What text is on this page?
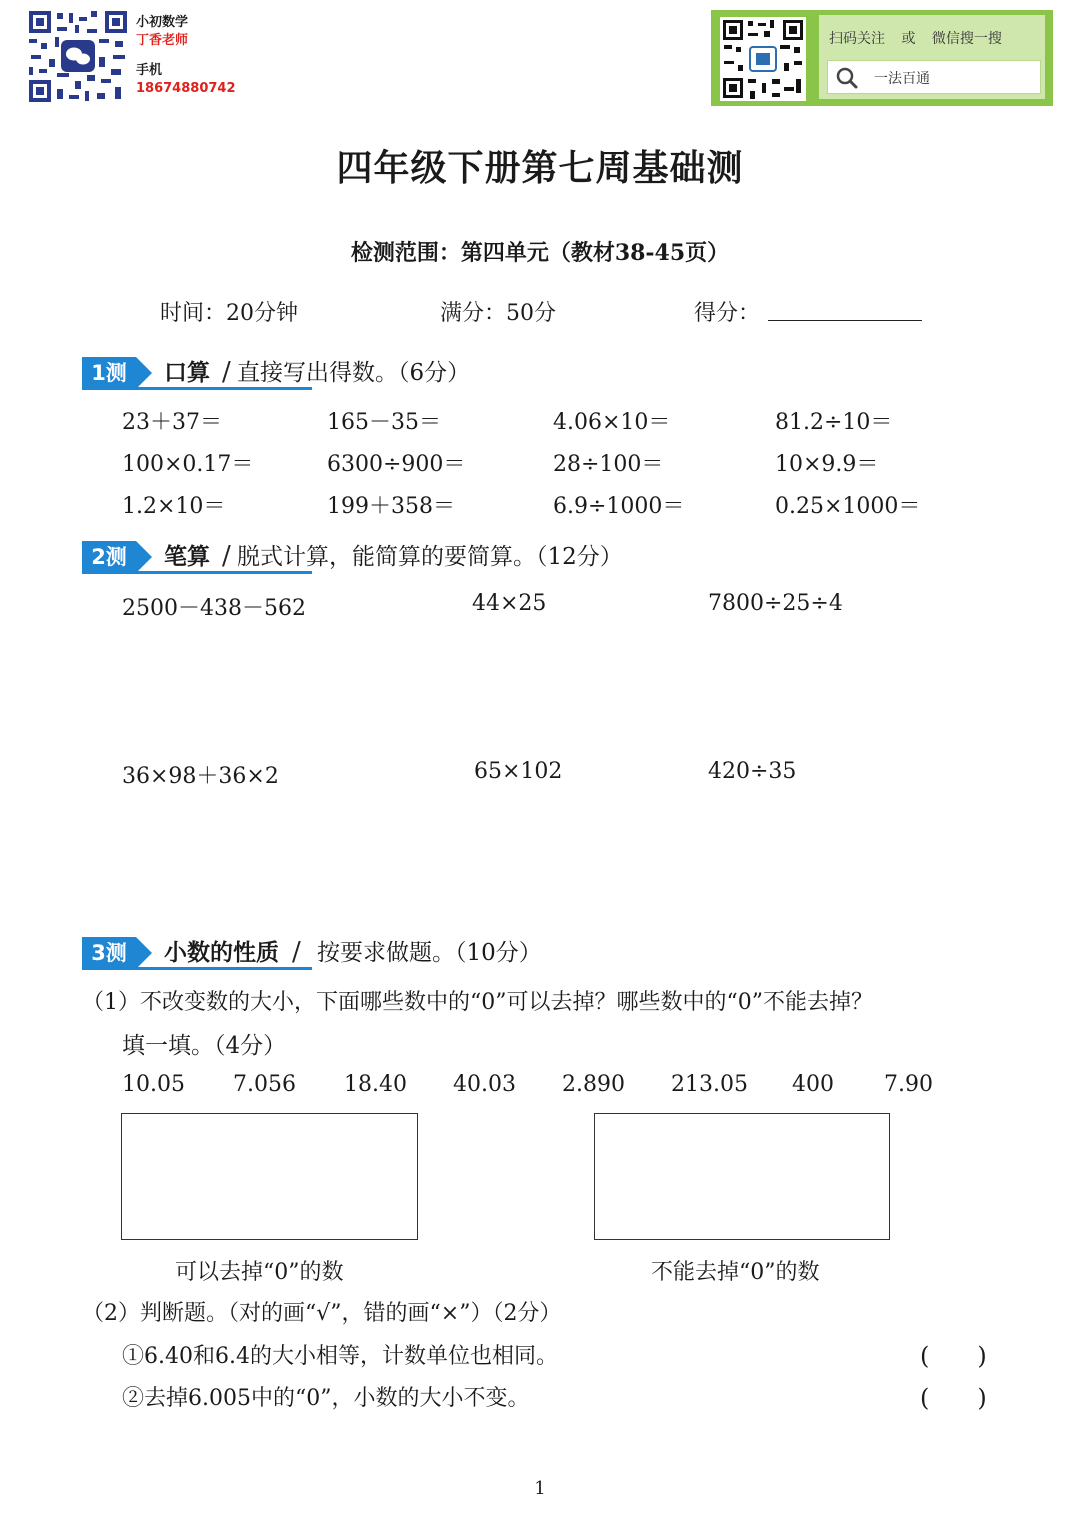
小初数学
丁香老师
手机
18674880742
扫码关注 或 微信搜一搜
一法百通
四年级下册第七周基础测
检测范围：第四单元（教材38-45页）
时间：20分钟	满分：50分	得分：
1测	口算 / 直接写出得数。（6分）
23＋37＝	165－35＝	4.06×10＝	81.2÷10＝
100×0.17＝	6300÷900＝	28÷100＝	10×9.9＝
1.2×10＝	199＋358＝	6.9÷1000＝	0.25×1000＝
2测	笔算 / 脱式计算，能简算的要简算。（12分）
2500－438－562	44×25	7800÷25÷4
36×98＋36×2	65×102	420÷35
3测	小数的性质 / 按要求做题。（10分）
（1）不改变数的大小，下面哪些数中的“0”可以去掉？哪些数中的“0”不能去掉？
填一填。（4分）
10.05 7.056 18.40 40.03 2.890 213.05 400 7.90
可以去掉“0”的数	不能去掉“0”的数
（2）判断题。（对的画“√”，错的画“×”）（2分）
①6.40和6.4的大小相等，计数单位也相同。	(　　)
②去掉6.005中的“0”，小数的大小不变。	(　　)
1
